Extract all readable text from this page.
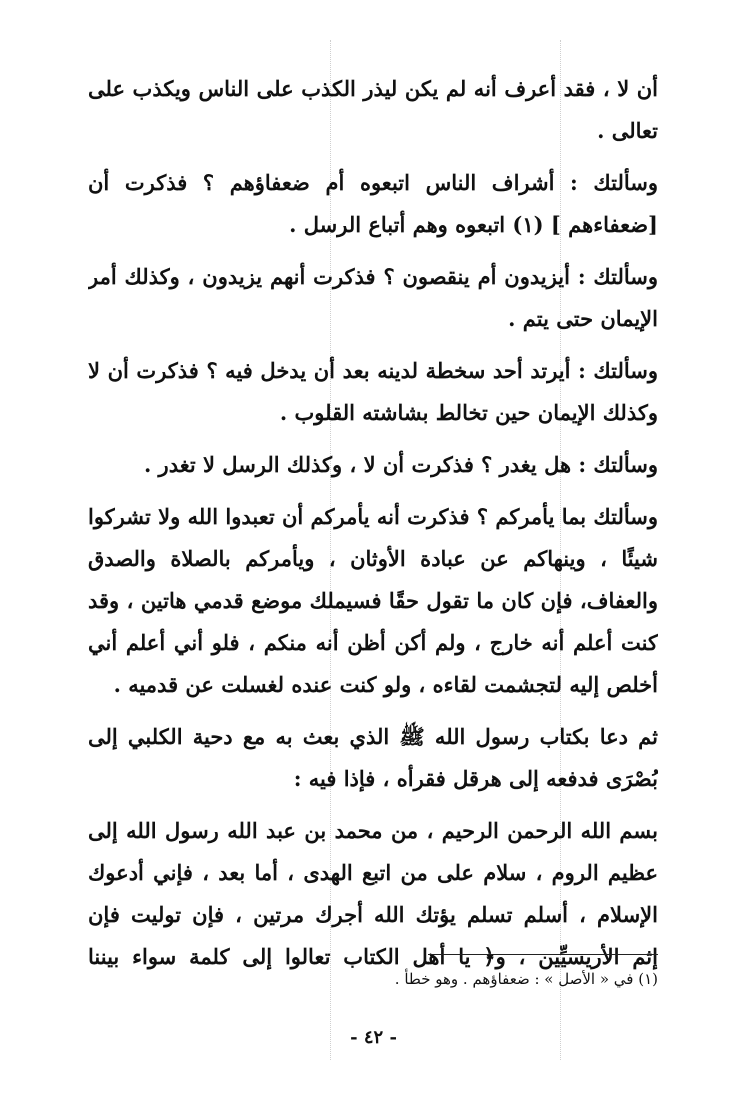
أن لا ، فقد أعرف أنه لم يكن ليذر الكذب على الناس ويكذب على
تعالى .
وسألتك : أشراف الناس اتبعوه أم ضعفاؤهم ؟ فذكرت أن
[ضعفاءهم ] (١) اتبعوه وهم أتباع الرسل .
وسألتك : أيزيدون أم ينقصون ؟ فذكرت أنهم يزيدون ، وكذلك أمر
الإيمان حتى يتم .
وسألتك : أيرتد أحد سخطة لدينه بعد أن يدخل فيه ؟ فذكرت أن لا
وكذلك الإيمان حين تخالط بشاشته القلوب .
وسألتك : هل يغدر ؟ فذكرت أن لا ، وكذلك الرسل لا تغدر .
وسألتك بما يأمركم ؟ فذكرت أنه يأمركم أن تعبدوا الله ولا تشركوا
شيئًا ، وينهاكم عن عبادة الأوثان ، ويأمركم بالصلاة والصدق
والعفاف، فإن كان ما تقول حقًا فسيملك موضع قدمي هاتين ، وقد
كنت أعلم أنه خارج ، ولم أكن أظن أنه منكم ، فلو أني أعلم أني
أخلص إليه لتجشمت لقاءه ، ولو كنت عنده لغسلت عن قدميه .
ثم دعا بكتاب رسول الله ﷺ الذي بعث به مع دحية الكلبي إلى
بُصْرَى فدفعه إلى هرقل فقرأه ، فإذا فيه :
بسم الله الرحمن الرحيم ، من محمد بن عبد الله رسول الله إلى
عظيم الروم ، سلام على من اتبع الهدى ، أما بعد ، فإني أدعوك
الإسلام ، أسلم تسلم يؤتك الله أجرك مرتين ، فإن توليت فإن
إثم الأريسيِّين ، و﴿ يا أهل الكتاب تعالوا إلى كلمة سواء بيننا
(١) في « الأصل » : ضعفاؤهم . وهو خطأ .
- ٤٢ -
